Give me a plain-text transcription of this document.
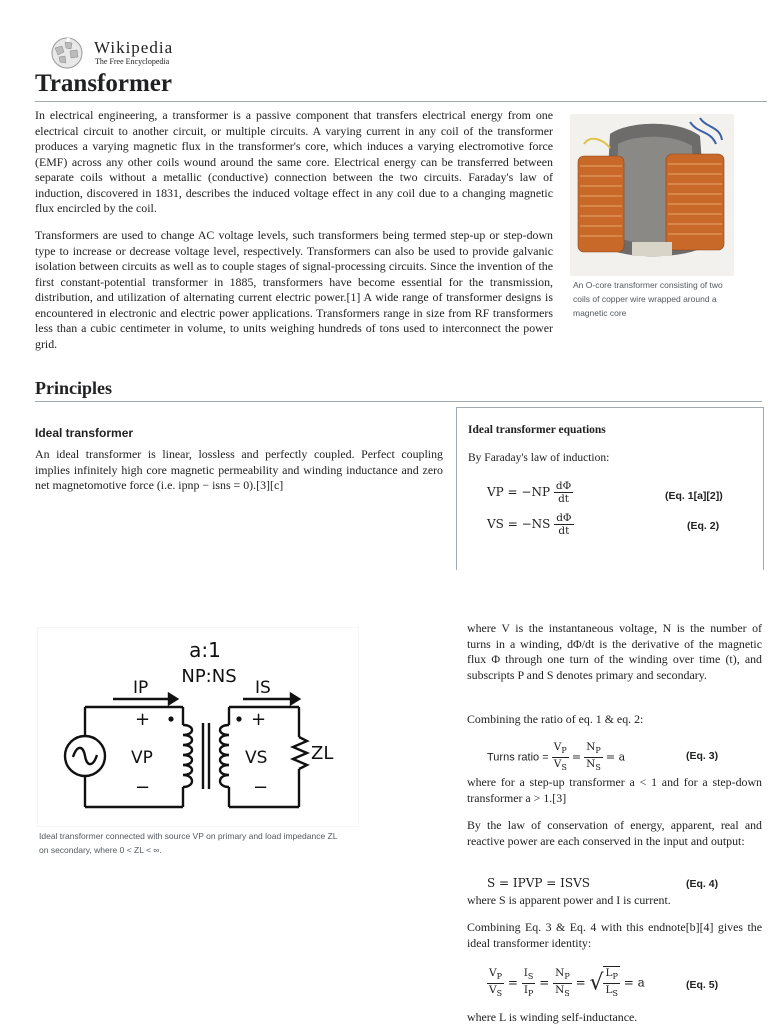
Wikipedia
The Free Encyclopedia
Transformer

In electrical engineering, a transformer is a passive component that transfers electrical energy from one electrical circuit to another circuit, or multiple circuits. A varying current in any coil of the transformer produces a varying magnetic flux in the transformer's core, which induces a varying electromotive force (EMF) across any other coils wound around the same core. Electrical energy can be transferred between separate coils without a metallic (conductive) connection between the two circuits. Faraday's law of induction, discovered in 1831, describes the induced voltage effect in any coil due to a changing magnetic flux encircled by the coil.

Transformers are used to change AC voltage levels, such transformers being termed step-up or step-down type to increase or decrease voltage level, respectively. Transformers can also be used to provide galvanic isolation between circuits as well as to couple stages of signal-processing circuits. Since the invention of the first constant-potential transformer in 1885, transformers have become essential for the transmission, distribution, and utilization of alternating current electric power.[1] A wide range of transformer designs is encountered in electronic and electric power applications. Transformers range in size from RF transformers less than a cubic centimeter in volume, to units weighing hundreds of tons used to interconnect the power grid.

An O-core transformer consisting of two coils of copper wire wrapped around a magnetic core
Principles
Ideal transformer

An ideal transformer is linear, lossless and perfectly coupled. Perfect coupling implies infinitely high core magnetic permeability and winding inductance and zero net magnetomotive force (i.e. ipnp − isns = 0).[3][c]

Ideal transformer equations
By Faraday's law of induction:
VP = $-NP \frac{d\Phi}{dt}$	(Eq. 1[a][2])
VS = $-NS \frac{d\Phi}{dt}$	(Eq. 2)
a:1
NP:NS
IP	IS
+	+
VP	VS ZL
−	−
Ideal transformer connected with source VP on primary and load impedance ZL on secondary, where 0 < ZL < ∞.

where V is the instantaneous voltage, N is the number of turns in a winding, dΦ/dt is the derivative of the magnetic flux Φ through one turn of the winding over time (t), and subscripts P and S denotes primary and secondary.

Combining the ratio of eq. 1 & eq. 2:

Turns ratio = $\frac{V_P}{V_S} = \frac{N_P}{N_S} = a$	(Eq. 3)

where for a step-up transformer a < 1 and for a step-down transformer a > 1.[3]

By the law of conservation of energy, apparent, real and reactive power are each conserved in the input and output:

S = IPVP = ISVS	(Eq. 4)

where S is apparent power and I is current.

Combining Eq. 3 & Eq. 4 with this endnote[b][4] gives the ideal transformer identity:

$\frac{V_P}{V_S} = \frac{I_S}{I_P} = \frac{N_P}{N_S}$ = √ $\frac{L_P}{L_S} = a$	(Eq. 5)

where L is winding self-inductance.
